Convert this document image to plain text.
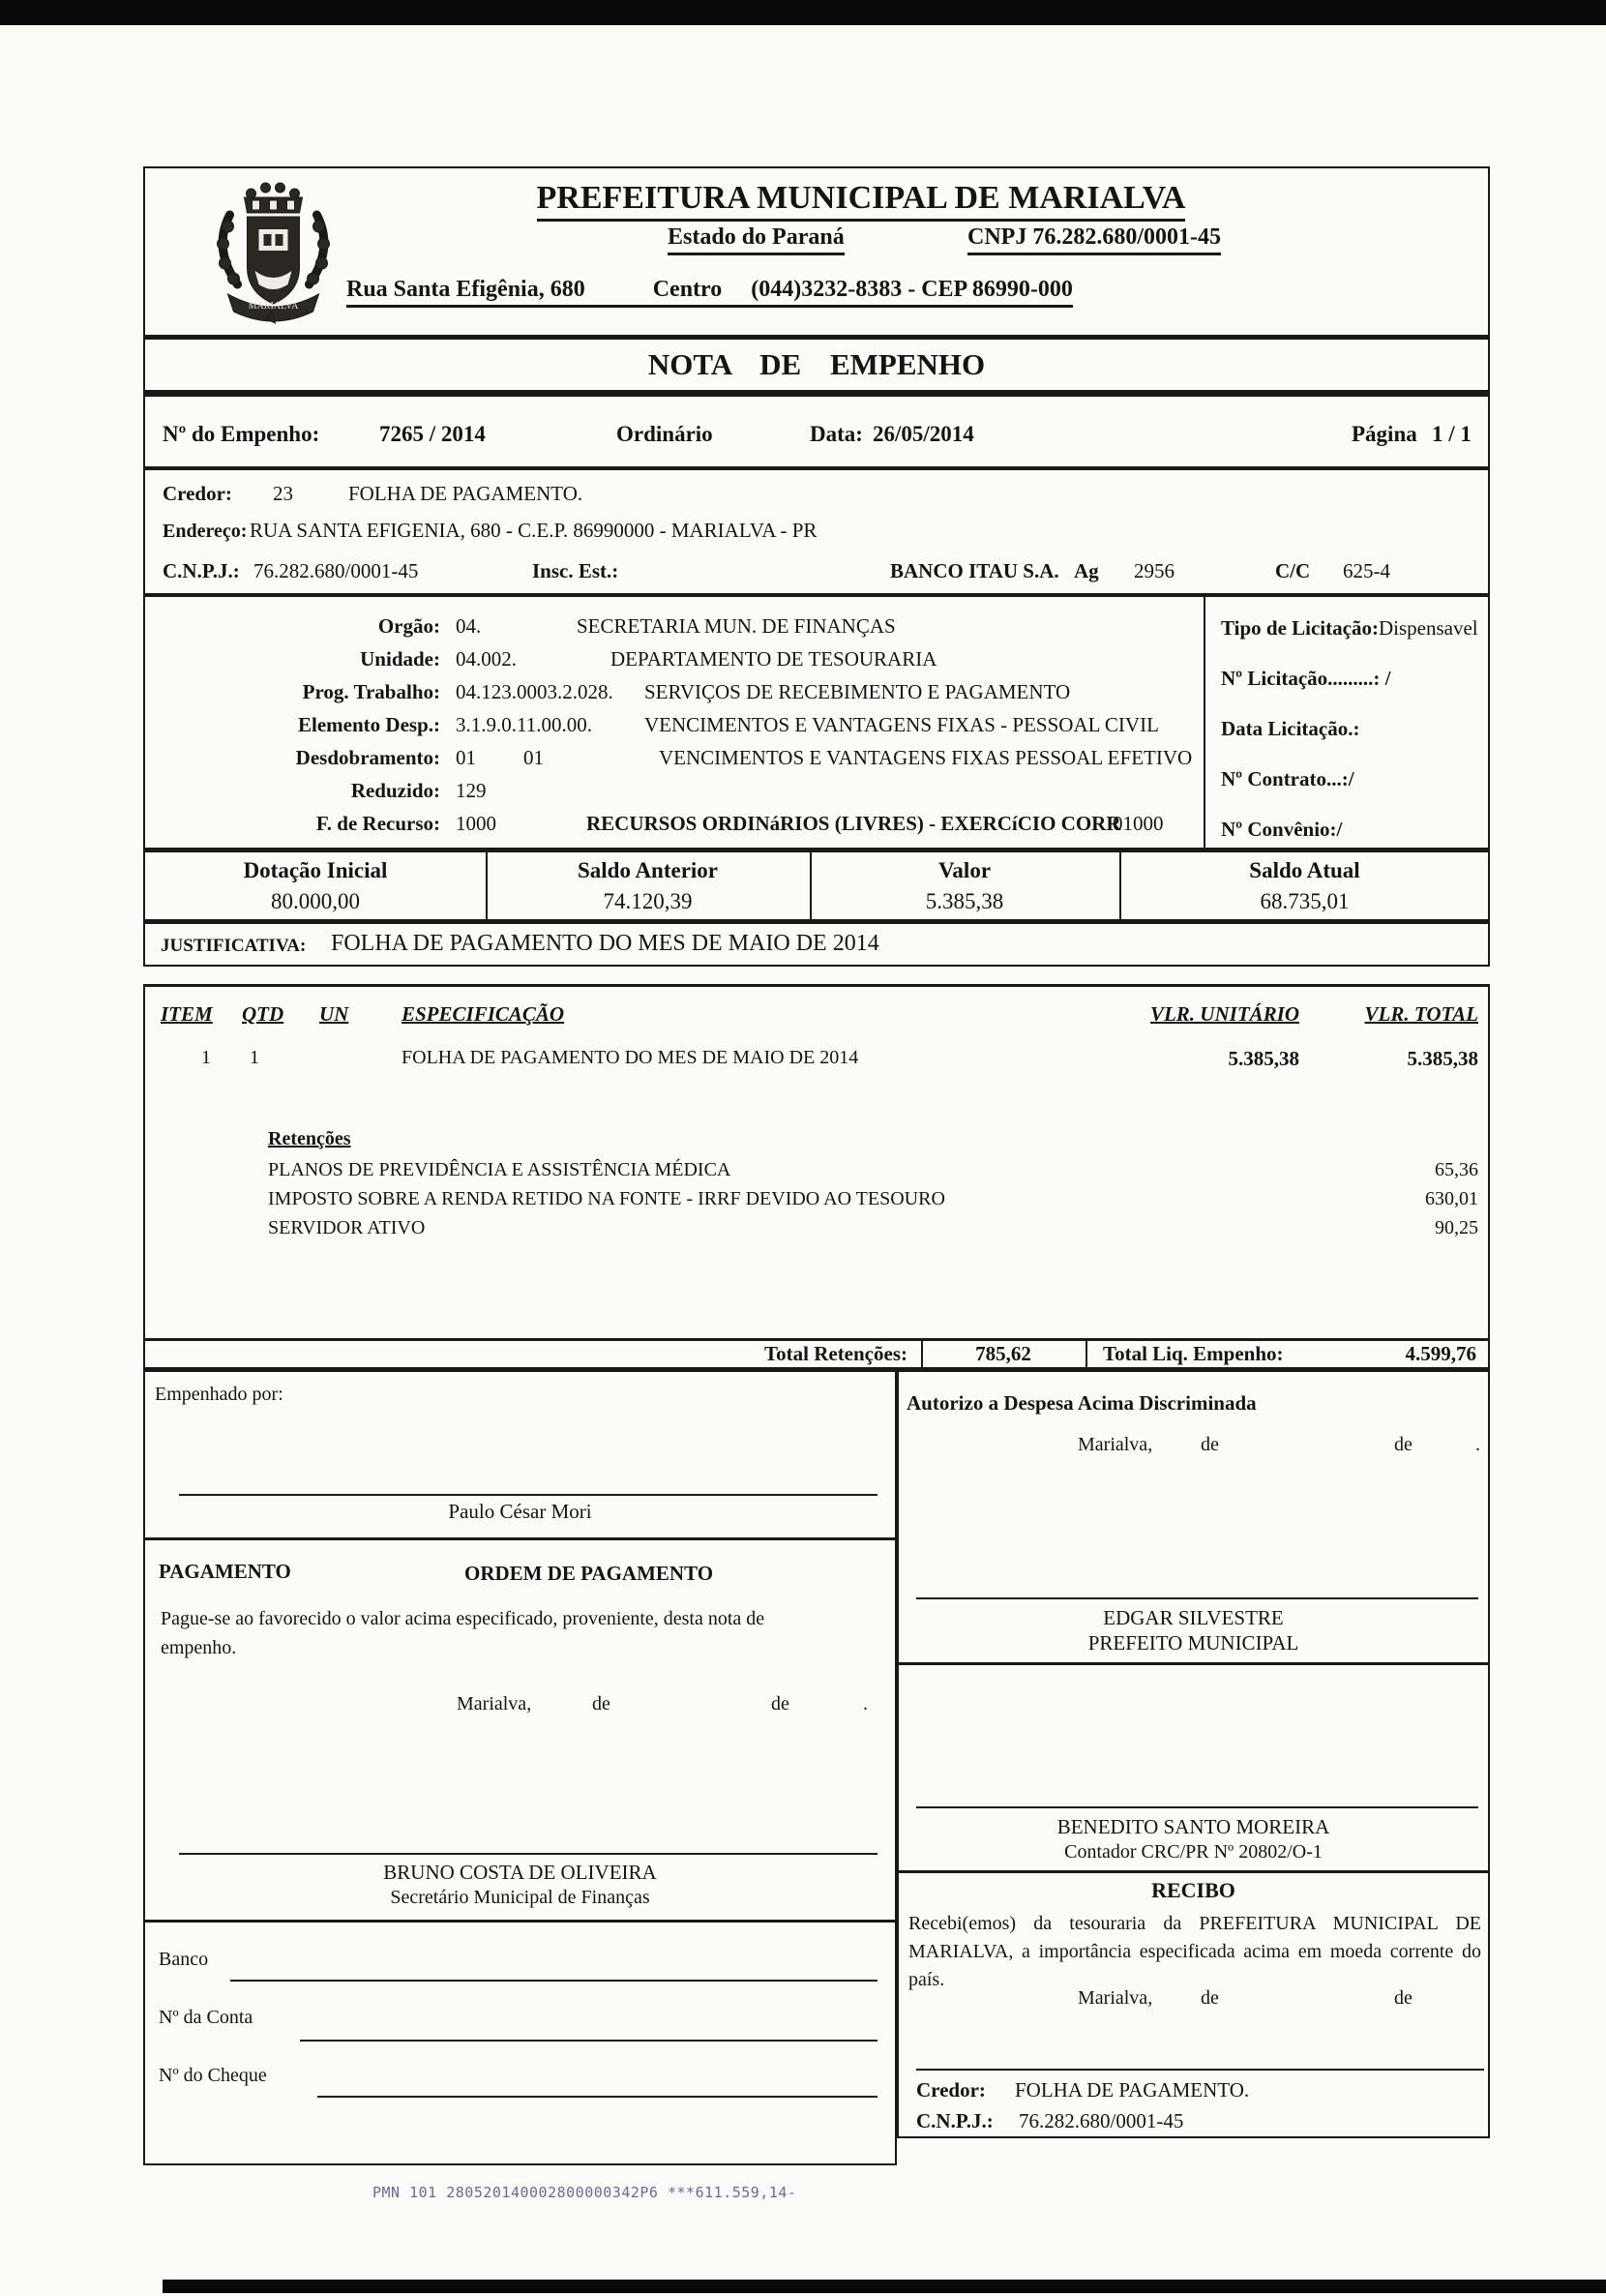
MARIALVA
PREFEITURA MUNICIPAL DE MARIALVA
Estado do Paraná	CNPJ 76.282.680/0001-45
Rua Santa Efigênia, 680	Centro (044)3232-8383 - CEP 86990-000
NOTA DE EMPENHO
Nº do Empenho:	7265 / 2014	Ordinário	Data: 26/05/2014	Página 1 / 1
Credor: 23	FOLHA DE PAGAMENTO.
Endereço: RUA SANTA EFIGENIA, 680 - C.E.P. 86990000 - MARIALVA - PR
C.N.P.J.: 76.282.680/0001-45	Insc. Est.:	BANCO ITAU S.A. Ag 2956	C/C 625-4
Orgão: 04.	SECRETARIA MUN. DE FINANÇAS
Unidade: 04.002.	DEPARTAMENTO DE TESOURARIA
Prog. Trabalho: 04.123.0003.2.028. SERVIÇOS DE RECEBIMENTO E PAGAMENTO
Elemento Desp.: 3.1.9.0.11.00.00.	VENCIMENTOS E VANTAGENS FIXAS - PESSOAL CIVIL
Desdobramento: 01 01	VENCIMENTOS E VANTAGENS FIXAS PESSOAL EFETIVO
Reduzido: 129
F. de Recurso: 1000	RECURSOS ORDINáRIOS (LIVRES) - EXERCíCIO CORR
01000
Tipo de Licitação:Dispensavel
Nº Licitação.........: /
Data Licitação.:
Nº Contrato...:/
Nº Convênio:/
Dotação Inicial	Saldo Anterior	Valor	Saldo Atual
80.000,00	74.120,39	5.385,38	68.735,01
JUSTIFICATIVA: FOLHA DE PAGAMENTO DO MES DE MAIO DE 2014
ITEM QTD UN	ESPECIFICAÇÃO	VLR. UNITÁRIO	VLR. TOTAL
1 1	FOLHA DE PAGAMENTO DO MES DE MAIO DE 2014	5.385,38	5.385,38
Retenções
PLANOS DE PREVIDÊNCIA E ASSISTÊNCIA MÉDICA	65,36
IMPOSTO SOBRE A RENDA RETIDO NA FONTE - IRRF DEVIDO AO TESOURO	630,01
SERVIDOR ATIVO	90,25
Total Retenções:	785,62	Total Liq. Empenho:	4.599,76
Empenhado por:
Paulo César Mori
PAGAMENTO	ORDEM DE PAGAMENTO
Pague-se ao favorecido o valor acima especificado, proveniente, desta nota de empenho.
Marialva,	de	de	.
BRUNO COSTA DE OLIVEIRA
Secretário Municipal de Finanças
Banco
Nº da Conta
Nº do Cheque
Autorizo a Despesa Acima Discriminada
Marialva, de	de	.
EDGAR SILVESTRE
PREFEITO MUNICIPAL
BENEDITO SANTO MOREIRA
Contador CRC/PR Nº 20802/O-1
RECIBO
Recebi(emos) da tesouraria da PREFEITURA MUNICIPAL DE MARIALVA, a importância especificada acima em moeda corrente do país.
Marialva, de	de
Credor: FOLHA DE PAGAMENTO.
C.N.P.J.: 76.282.680/0001-45
PMN 101 280520140002800000342P6 ***611.559,14-
